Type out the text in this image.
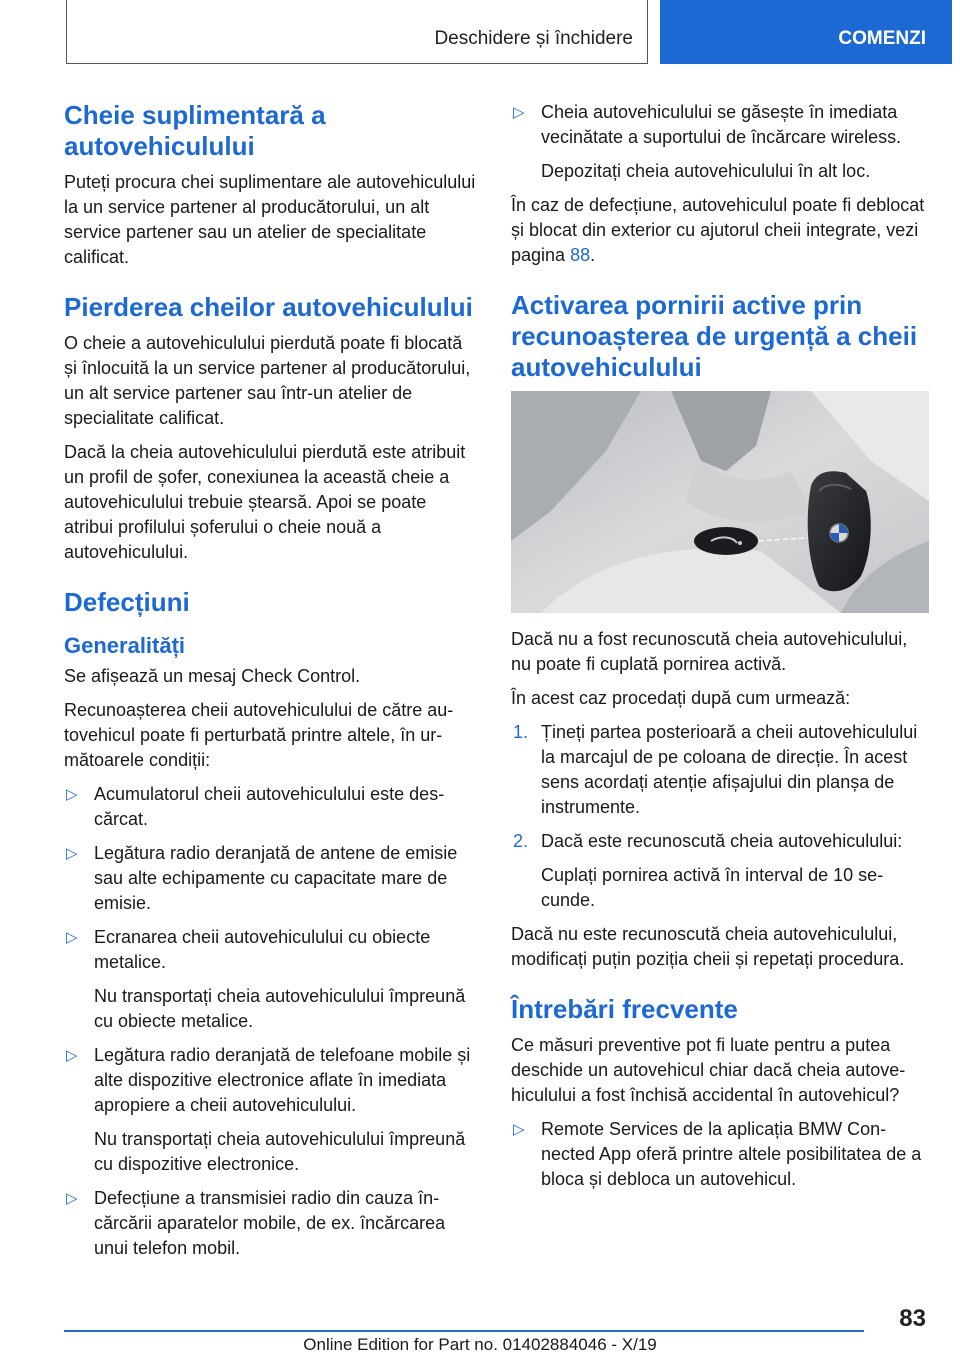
Deschidere și închidere	COMENZI
Cheie suplimentară a autovehiculului

Puteți procura chei suplimentare ale autovehiculului la un service partener al producătorului, un alt service partener sau un atelier de specialitate calificat.

Pierderea cheilor autovehiculului

O cheie a autovehiculului pierdută poate fi blocată și înlocuită la un service partener al producătorului, un alt service partener sau într-un atelier de specialitate calificat.

Dacă la cheia autovehiculului pierdută este atribuit un profil de șofer, conexiunea la această cheie a autovehiculului trebuie ștearsă. Apoi se poate atribui profilului șoferului o cheie nouă a autovehiculului.

Defecțiuni
Generalități

Se afișează un mesaj Check Control.

Recunoașterea cheii autovehiculului de către autovehicul poate fi perturbată printre altele, în următoarele condiții:

▷ Acumulatorul cheii autovehiculului este descărcat.
▷ Legătura radio deranjată de antene de emisie sau alte echipamente cu capacitate mare de emisie.
▷ Ecranarea cheii autovehiculului cu obiecte metalice.

Nu transportați cheia autovehiculului împreună cu obiecte metalice.

▷ Legătura radio deranjată de telefoane mobile și alte dispozitive electronice aflate în imediata apropiere a cheii autovehiculului.

Nu transportați cheia autovehiculului împreună cu dispozitive electronice.

▷ Defecțiune a transmisiei radio din cauza încărcării aparatelor mobile, de ex. încărcarea unui telefon mobil.
▷ Cheia autovehiculului se găsește în imediata vecinătate a suportului de încărcare wireless.

Depozitați cheia autovehiculului în alt loc.

În caz de defecțiune, autovehiculul poate fi deblocat și blocat din exterior cu ajutorul cheii integrate, vezi pagina 88.

Activarea pornirii active prin recunoașterea de urgență a cheii autovehiculului

Dacă nu a fost recunoscută cheia autovehiculului, nu poate fi cuplată pornirea activă.

În acest caz procedați după cum urmează:

1. Țineți partea posterioară a cheii autovehiculului la marcajul de pe coloana de direcție. În acest sens acordați atenție afișajului din planșa de instrumente.
2. Dacă este recunoscută cheia autovehiculului:

Cuplați pornirea activă în interval de 10 secunde.

Dacă nu este recunoscută cheia autovehiculului, modificați puțin poziția cheii și repetați procedura.

Întrebări frecvente

Ce măsuri preventive pot fi luate pentru a putea deschide un autovehicul chiar dacă cheia autovehiculului a fost închisă accidental în autovehicul?

▷ Remote Services de la aplicația BMW Connected App oferă printre altele posibilitatea de a bloca și debloca un autovehicul.
83
Online Edition for Part no. 01402884046 - X/19
